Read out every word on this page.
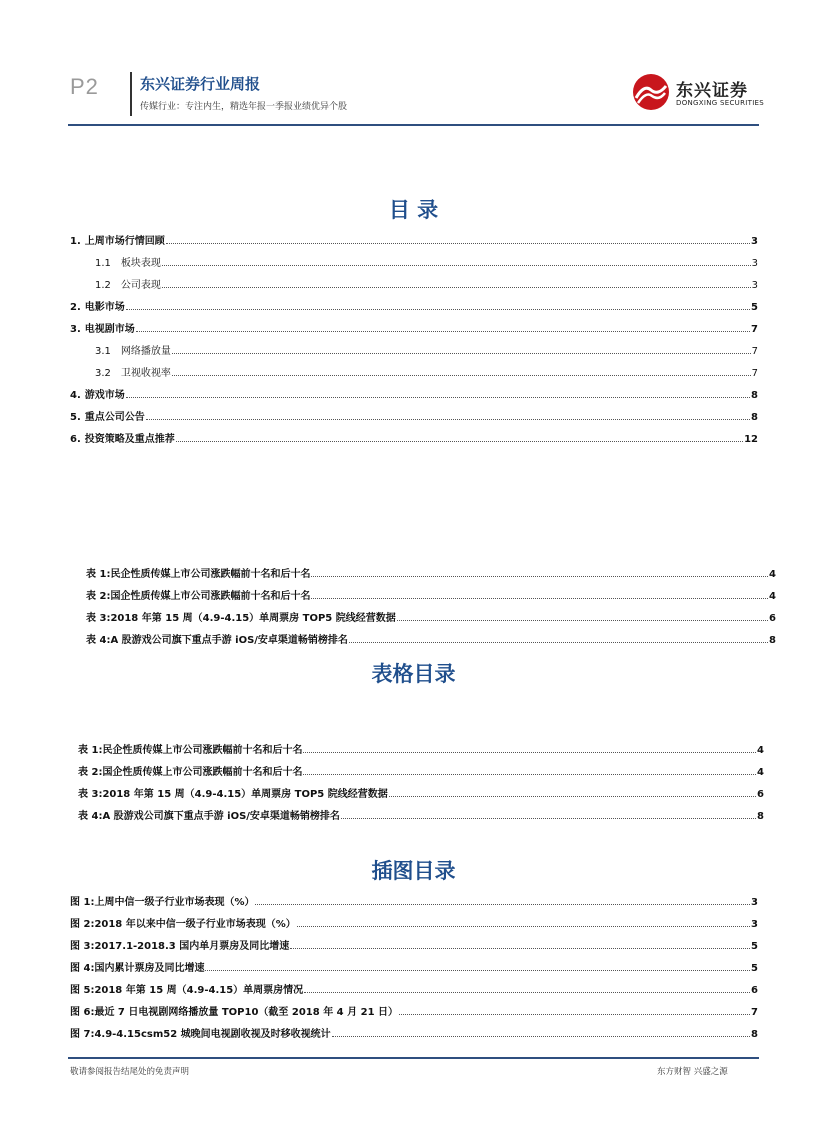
P2	东兴证券行业周报
传媒行业：专注内生，精选年报一季报业绩优异个股
东兴证券
DONGXING SECURITIES
目 录
1. 上周市场行情回顾	3
1.1 板块表现	3
1.2 公司表现	3
2. 电影市场	5
3. 电视剧市场	7
3.1 网络播放量	7
3.2 卫视收视率	7
4. 游戏市场	8
5. 重点公司公告	8
6. 投资策略及重点推荐	12
表 1:民企性质传媒上市公司涨跌幅前十名和后十名	4
表 2:国企性质传媒上市公司涨跌幅前十名和后十名	4
表 3:2018 年第 15 周（4.9-4.15）单周票房 TOP5 院线经营数据	6
表 4:A 股游戏公司旗下重点手游 iOS/安卓渠道畅销榜排名	8
表格目录
表 1:民企性质传媒上市公司涨跌幅前十名和后十名	4
表 2:国企性质传媒上市公司涨跌幅前十名和后十名	4
表 3:2018 年第 15 周（4.9-4.15）单周票房 TOP5 院线经营数据	6
表 4:A 股游戏公司旗下重点手游 iOS/安卓渠道畅销榜排名	8
插图目录
图 1:上周中信一级子行业市场表现（%）	3
图 2:2018 年以来中信一级子行业市场表现（%）	3
图 3:2017.1-2018.3 国内单月票房及同比增速	5
图 4:国内累计票房及同比增速	5
图 5:2018 年第 15 周（4.9-4.15）单周票房情况	6
图 6:最近 7 日电视剧网络播放量 TOP10（截至 2018 年 4 月 21 日）	7
图 7:4.9-4.15csm52 城晚间电视剧收视及时移收视统计	8
敬请参阅报告结尾处的免责声明	东方财智 兴盛之源
